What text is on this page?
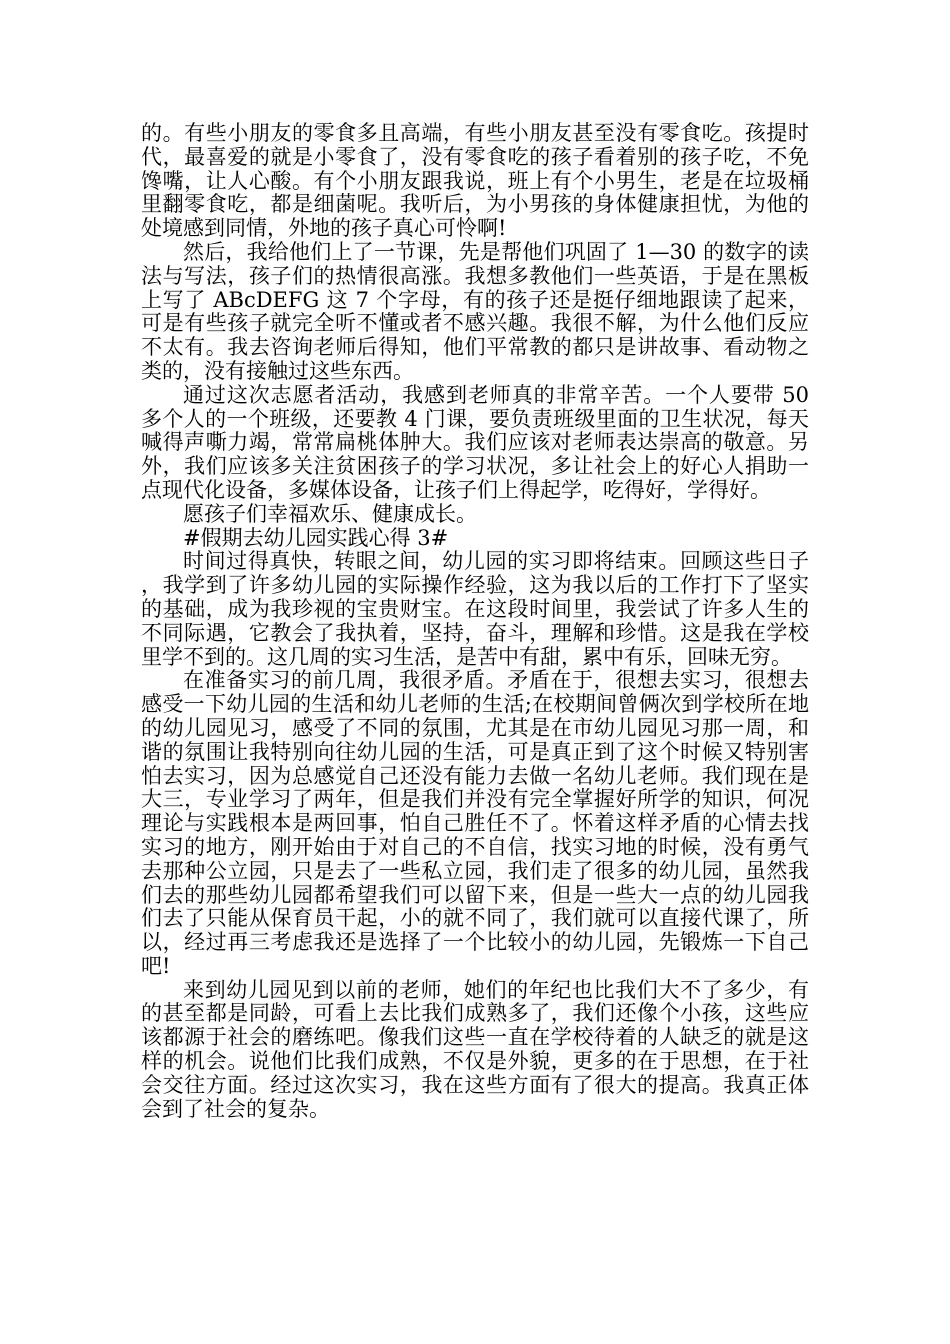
的。有些小朋友的零食多且高端，有些小朋友甚至没有零食吃。孩提时代，最喜爱的就是小零食了，没有零食吃的孩子看着别的孩子吃，不免馋嘴，让人心酸。有个小朋友跟我说，班上有个小男生，老是在垃圾桶里翻零食吃，都是细菌呢。我听后，为小男孩的身体健康担忧，为他的处境感到同情，外地的孩子真心可怜啊!

然后，我给他们上了一节课，先是帮他们巩固了 1—30 的数字的读法与写法，孩子们的热情很高涨。我想多教他们一些英语，于是在黑板上写了 ABcDEFG 这 7 个字母，有的孩子还是挺仔细地跟读了起来，可是有些孩子就完全听不懂或者不感兴趣。我很不解，为什么他们反应不太有。我去咨询老师后得知，他们平常教的都只是讲故事、看动物之类的，没有接触过这些东西。

通过这次志愿者活动，我感到老师真的非常辛苦。一个人要带 50 多个人的一个班级，还要教 4 门课，要负责班级里面的卫生状况，每天喊得声嘶力竭，常常扁桃体肿大。我们应该对老师表达崇高的敬意。另外，我们应该多关注贫困孩子的学习状况，多让社会上的好心人捐助一点现代化设备，多媒体设备，让孩子们上得起学，吃得好，学得好。

愿孩子们幸福欢乐、健康成长。

#假期去幼儿园实践心得 3#

时间过得真快，转眼之间，幼儿园的实习即将结束。回顾这些日子，我学到了许多幼儿园的实际操作经验，这为我以后的工作打下了坚实的基础，成为我珍视的宝贵财宝。在这段时间里，我尝试了许多人生的不同际遇，它教会了我执着，坚持，奋斗，理解和珍惜。这是我在学校里学不到的。这几周的实习生活，是苦中有甜，累中有乐，回味无穷。

在准备实习的前几周，我很矛盾。矛盾在于，很想去实习，很想去感受一下幼儿园的生活和幼儿老师的生活;在校期间曾俩次到学校所在地的幼儿园见习，感受了不同的氛围，尤其是在市幼儿园见习那一周，和谐的氛围让我特别向往幼儿园的生活，可是真正到了这个时候又特别害怕去实习，因为总感觉自己还没有能力去做一名幼儿老师。我们现在是大三，专业学习了两年，但是我们并没有完全掌握好所学的知识，何况理论与实践根本是两回事，怕自己胜任不了。怀着这样矛盾的心情去找实习的地方，刚开始由于对自己的不自信，找实习地的时候，没有勇气去那种公立园，只是去了一些私立园，我们走了很多的幼儿园，虽然我们去的那些幼儿园都希望我们可以留下来，但是一些大一点的幼儿园我们去了只能从保育员干起，小的就不同了，我们就可以直接代课了，所以，经过再三考虑我还是选择了一个比较小的幼儿园，先锻炼一下自己吧!

来到幼儿园见到以前的老师，她们的年纪也比我们大不了多少，有的甚至都是同龄，可看上去比我们成熟多了，我们还像个小孩，这些应该都源于社会的磨练吧。像我们这些一直在学校待着的人缺乏的就是这样的机会。说他们比我们成熟，不仅是外貌，更多的在于思想，在于社会交往方面。经过这次实习，我在这些方面有了很大的提高。我真正体会到了社会的复杂。
